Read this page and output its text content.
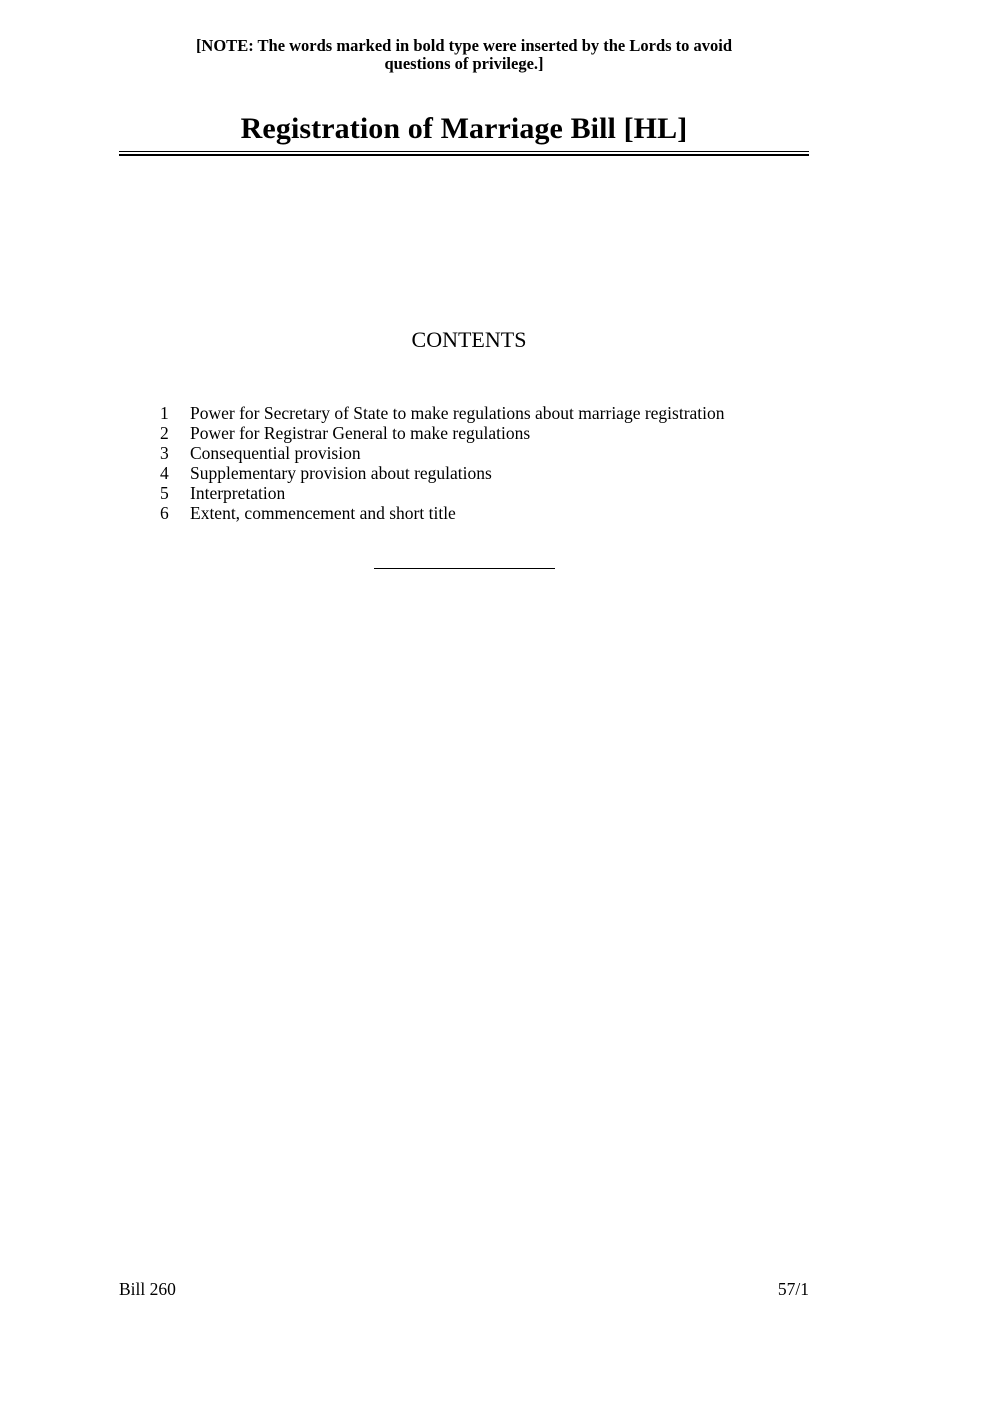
[NOTE: The words marked in bold type were inserted by the Lords to avoid
questions of privilege.]
Registration of Marriage Bill [HL]
CONTENTS
1	Power for Secretary of State to make regulations about marriage registration
2	Power for Registrar General to make regulations
3	Consequential provision
4	Supplementary provision about regulations
5	Interpretation
6	Extent, commencement and short title
Bill 260	57/1
